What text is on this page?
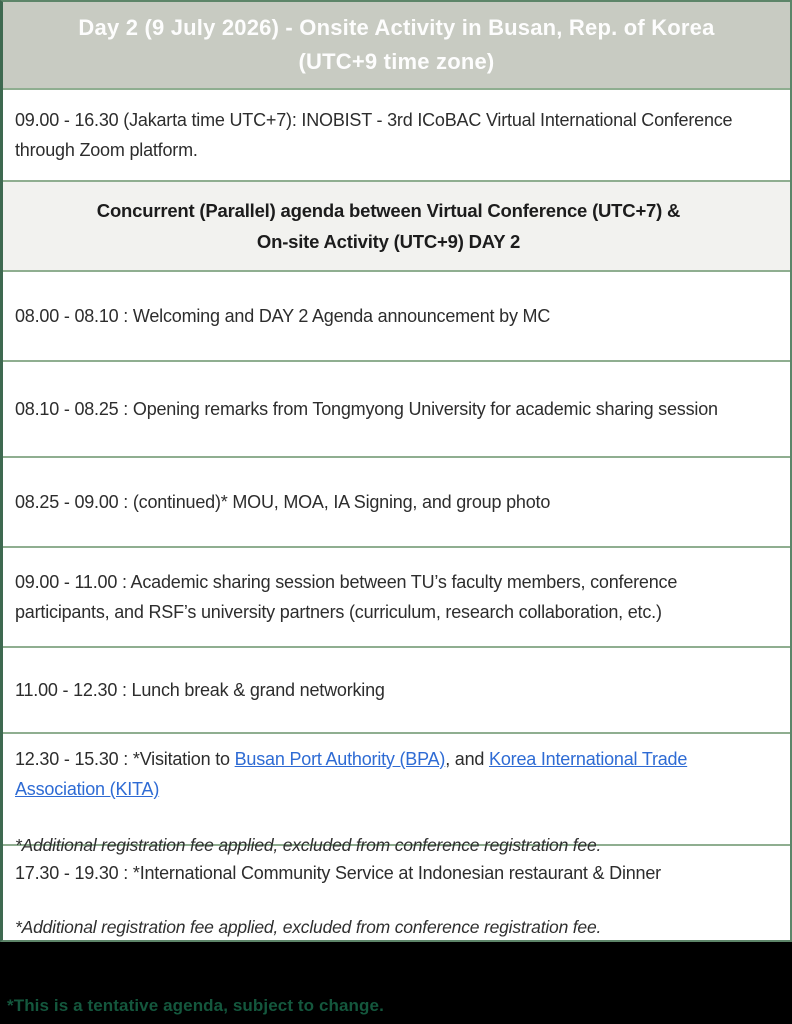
Day 2 (9 July 2026) - Onsite Activity in Busan, Rep. of Korea
(UTC+9 time zone)
09.00 - 16.30 (Jakarta time UTC+7): INOBIST - 3rd ICoBAC Virtual International Conference through Zoom platform.
Concurrent (Parallel) agenda between Virtual Conference (UTC+7) &
On-site Activity (UTC+9) DAY 2
08.00 - 08.10 : Welcoming and DAY 2 Agenda announcement by MC
08.10 - 08.25 : Opening remarks from Tongmyong University for academic sharing session
08.25 - 09.00 : (continued)* MOU, MOA, IA Signing, and group photo
09.00 - 11.00 : Academic sharing session between TU’s faculty members, conference participants, and RSF’s university partners (curriculum, research collaboration, etc.)
11.00 - 12.30 : Lunch break & grand networking
12.30 - 15.30 : *Visitation to Busan Port Authority (BPA), and Korea International Trade Association (KITA)
*Additional registration fee applied, excluded from conference registration fee.
17.30 - 19.30 : *International Community Service at Indonesian restaurant & Dinner
*Additional registration fee applied, excluded from conference registration fee.
*This is a tentative agenda, subject to change.
